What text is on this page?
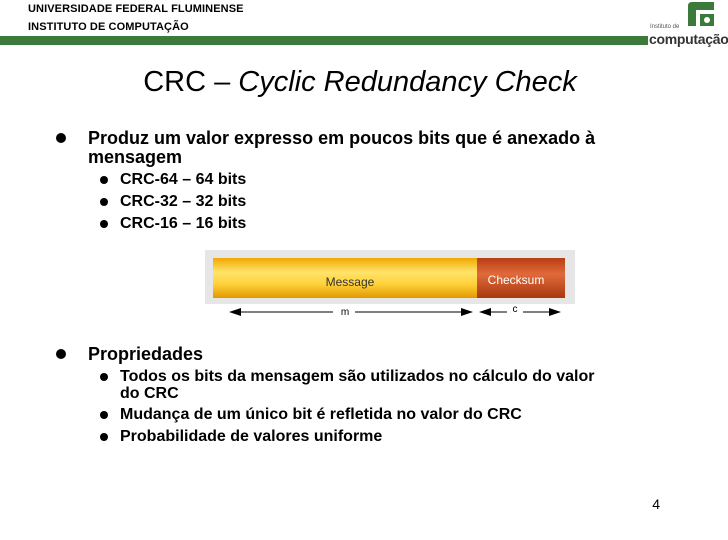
UNIVERSIDADE FEDERAL FLUMINENSE
INSTITUTO DE COMPUTAÇÃO	Instituto de
computação
CRC – Cyclic Redundancy Check
Produz um valor expresso em poucos bits que é anexado à
mensagem
CRC-64 – 64 bits
CRC-32 – 32 bits
CRC-16 – 16 bits
Message	Checksum
m	c
Propriedades
Todos os bits da mensagem são utilizados no cálculo do valor
do CRC
Mudança de um único bit é refletida no valor do CRC
Probabilidade de valores uniforme
4
